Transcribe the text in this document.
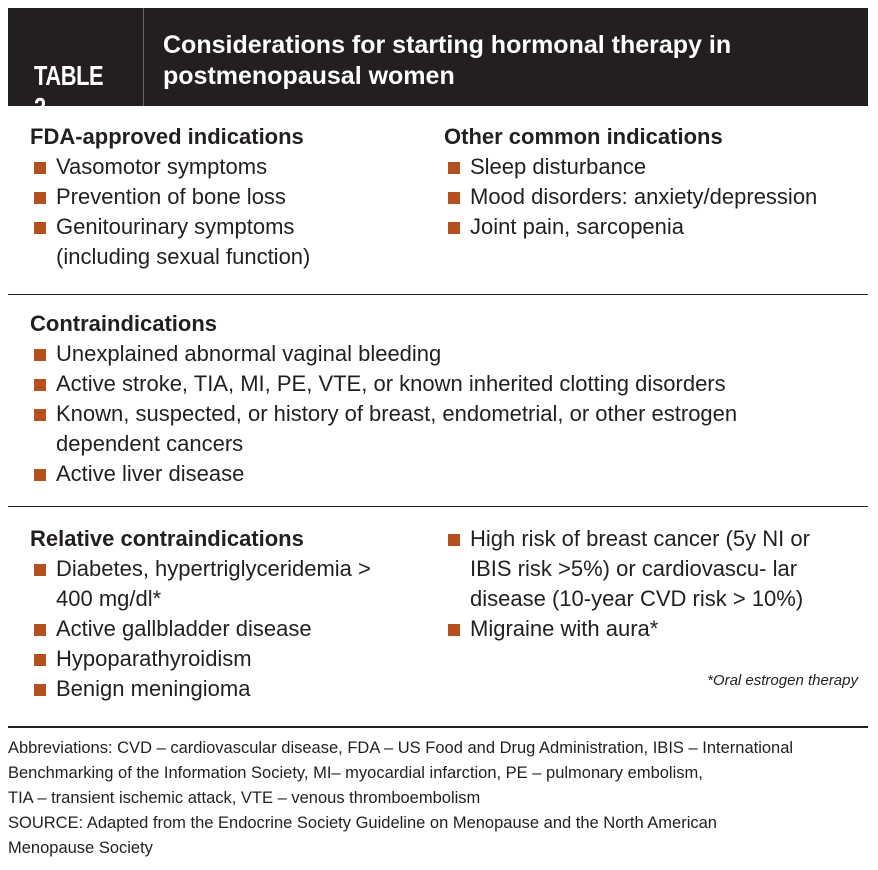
TABLE 2
Considerations for starting hormonal therapy in postmenopausal women
FDA-approved indications
Vasomotor symptoms
Prevention of bone loss
Genitourinary symptoms (including sexual function)
Other common indications
Sleep disturbance
Mood disorders: anxiety/depression
Joint pain, sarcopenia
Contraindications
Unexplained abnormal vaginal bleeding
Active stroke, TIA, MI, PE, VTE, or known inherited clotting disorders
Known, suspected, or history of breast, endometrial, or other estrogen dependent cancers
Active liver disease
Relative contraindications
Diabetes, hypertriglyceridemia > 400 mg/dl*
Active gallbladder disease
Hypoparathyroidism
Benign meningioma
High risk of breast cancer (5y NI or IBIS risk >5%) or cardiovascu- lar disease (10-year CVD risk > 10%)
Migraine with aura*
*Oral estrogen therapy
Abbreviations: CVD – cardiovascular disease, FDA – US Food and Drug Administration, IBIS – International
Benchmarking of the Information Society, MI– myocardial infarction, PE – pulmonary embolism,
TIA – transient ischemic attack, VTE – venous thromboembolism
SOURCE: Adapted from the Endocrine Society Guideline on Menopause and the North American
Menopause Society
